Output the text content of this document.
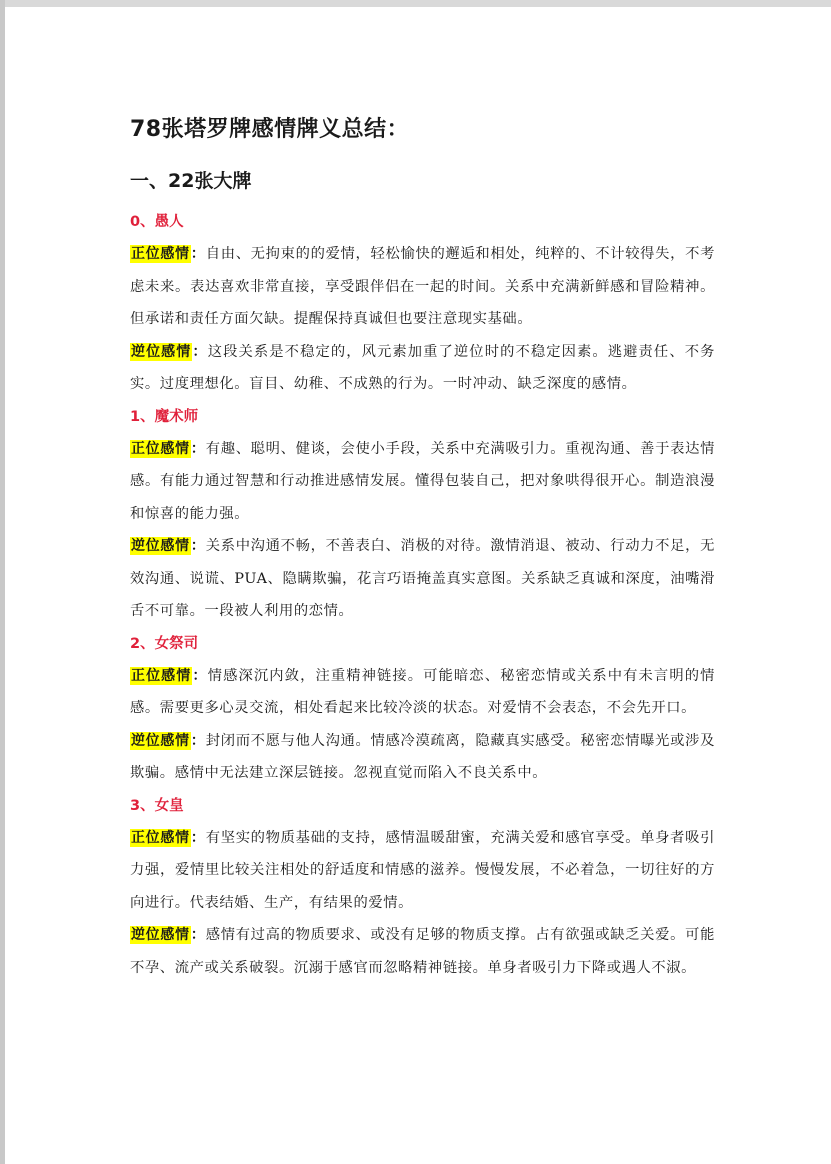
78张塔罗牌感情牌义总结：
一、22张大牌

0、愚人

正位感情：自由、无拘束的的爱情，轻松愉快的邂逅和相处，纯粹的、不计较得失，不考虑未来。表达喜欢非常直接，享受跟伴侣在一起的时间。关系中充满新鲜感和冒险精神。但承诺和责任方面欠缺。提醒保持真诚但也要注意现实基础。

逆位感情：这段关系是不稳定的，风元素加重了逆位时的不稳定因素。逃避责任、不务实。过度理想化。盲目、幼稚、不成熟的行为。一时冲动、缺乏深度的感情。

1、魔术师

正位感情：有趣、聪明、健谈，会使小手段，关系中充满吸引力。重视沟通、善于表达情感。有能力通过智慧和行动推进感情发展。懂得包装自己，把对象哄得很开心。制造浪漫和惊喜的能力强。

逆位感情：关系中沟通不畅，不善表白、消极的对待。激情消退、被动、行动力不足，无效沟通、说谎、PUA、隐瞒欺骗，花言巧语掩盖真实意图。关系缺乏真诚和深度，油嘴滑舌不可靠。一段被人利用的恋情。

2、女祭司

正位感情：情感深沉内敛，注重精神链接。可能暗恋、秘密恋情或关系中有未言明的情感。需要更多心灵交流，相处看起来比较冷淡的状态。对爱情不会表态，不会先开口。

逆位感情：封闭而不愿与他人沟通。情感冷漠疏离，隐藏真实感受。秘密恋情曝光或涉及欺骗。感情中无法建立深层链接。忽视直觉而陷入不良关系中。

3、女皇

正位感情：有坚实的物质基础的支持，感情温暖甜蜜，充满关爱和感官享受。单身者吸引力强，爱情里比较关注相处的舒适度和情感的滋养。慢慢发展，不必着急，一切往好的方向进行。代表结婚、生产，有结果的爱情。

逆位感情：感情有过高的物质要求、或没有足够的物质支撑。占有欲强或缺乏关爱。可能不孕、流产或关系破裂。沉溺于感官而忽略精神链接。单身者吸引力下降或遇人不淑。
